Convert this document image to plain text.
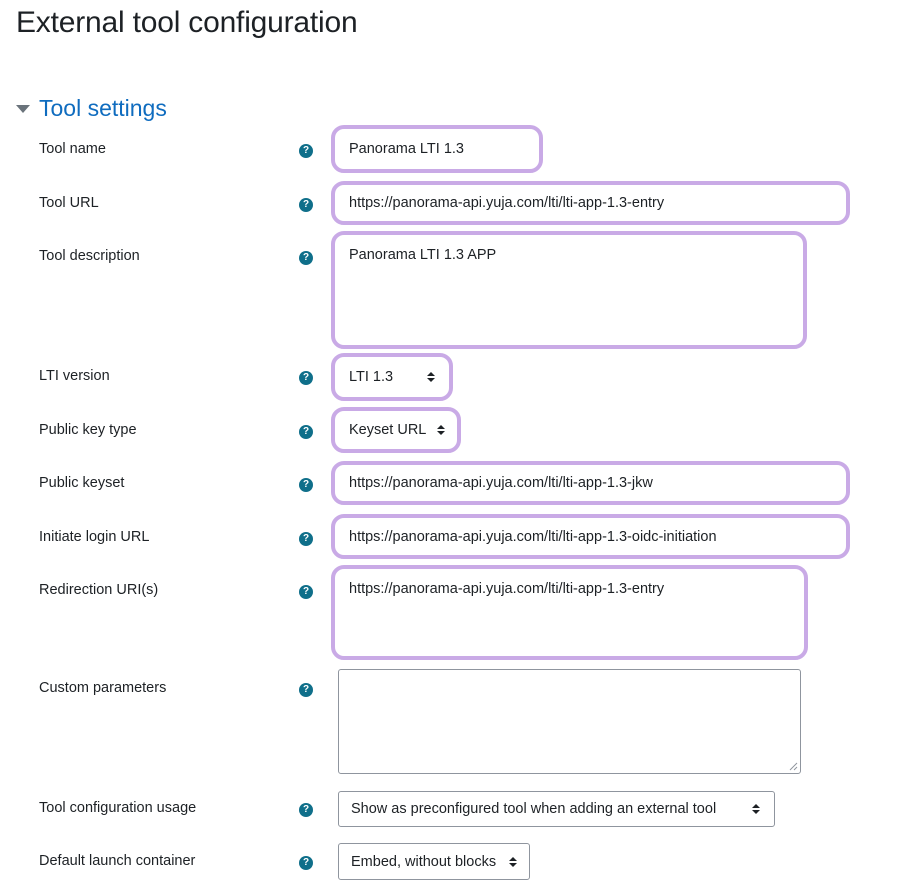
External tool configuration
Tool settings
Tool name	?	Panorama LTI 1.3
Tool URL	?	https://panorama-api.yuja.com/lti/lti-app-1.3-entry
Tool description	?	Panorama LTI 1.3 APP
LTI version	?	LTI 1.3
Public key type	?	Keyset URL
Public keyset	?	https://panorama-api.yuja.com/lti/lti-app-1.3-jkw
Initiate login URL	?	https://panorama-api.yuja.com/lti/lti-app-1.3-oidc-initiation
Redirection URI(s)	?	https://panorama-api.yuja.com/lti/lti-app-1.3-entry
Custom parameters	?
Tool configuration usage	?	Show as preconfigured tool when adding an external tool
Default launch container	?	Embed, without blocks
